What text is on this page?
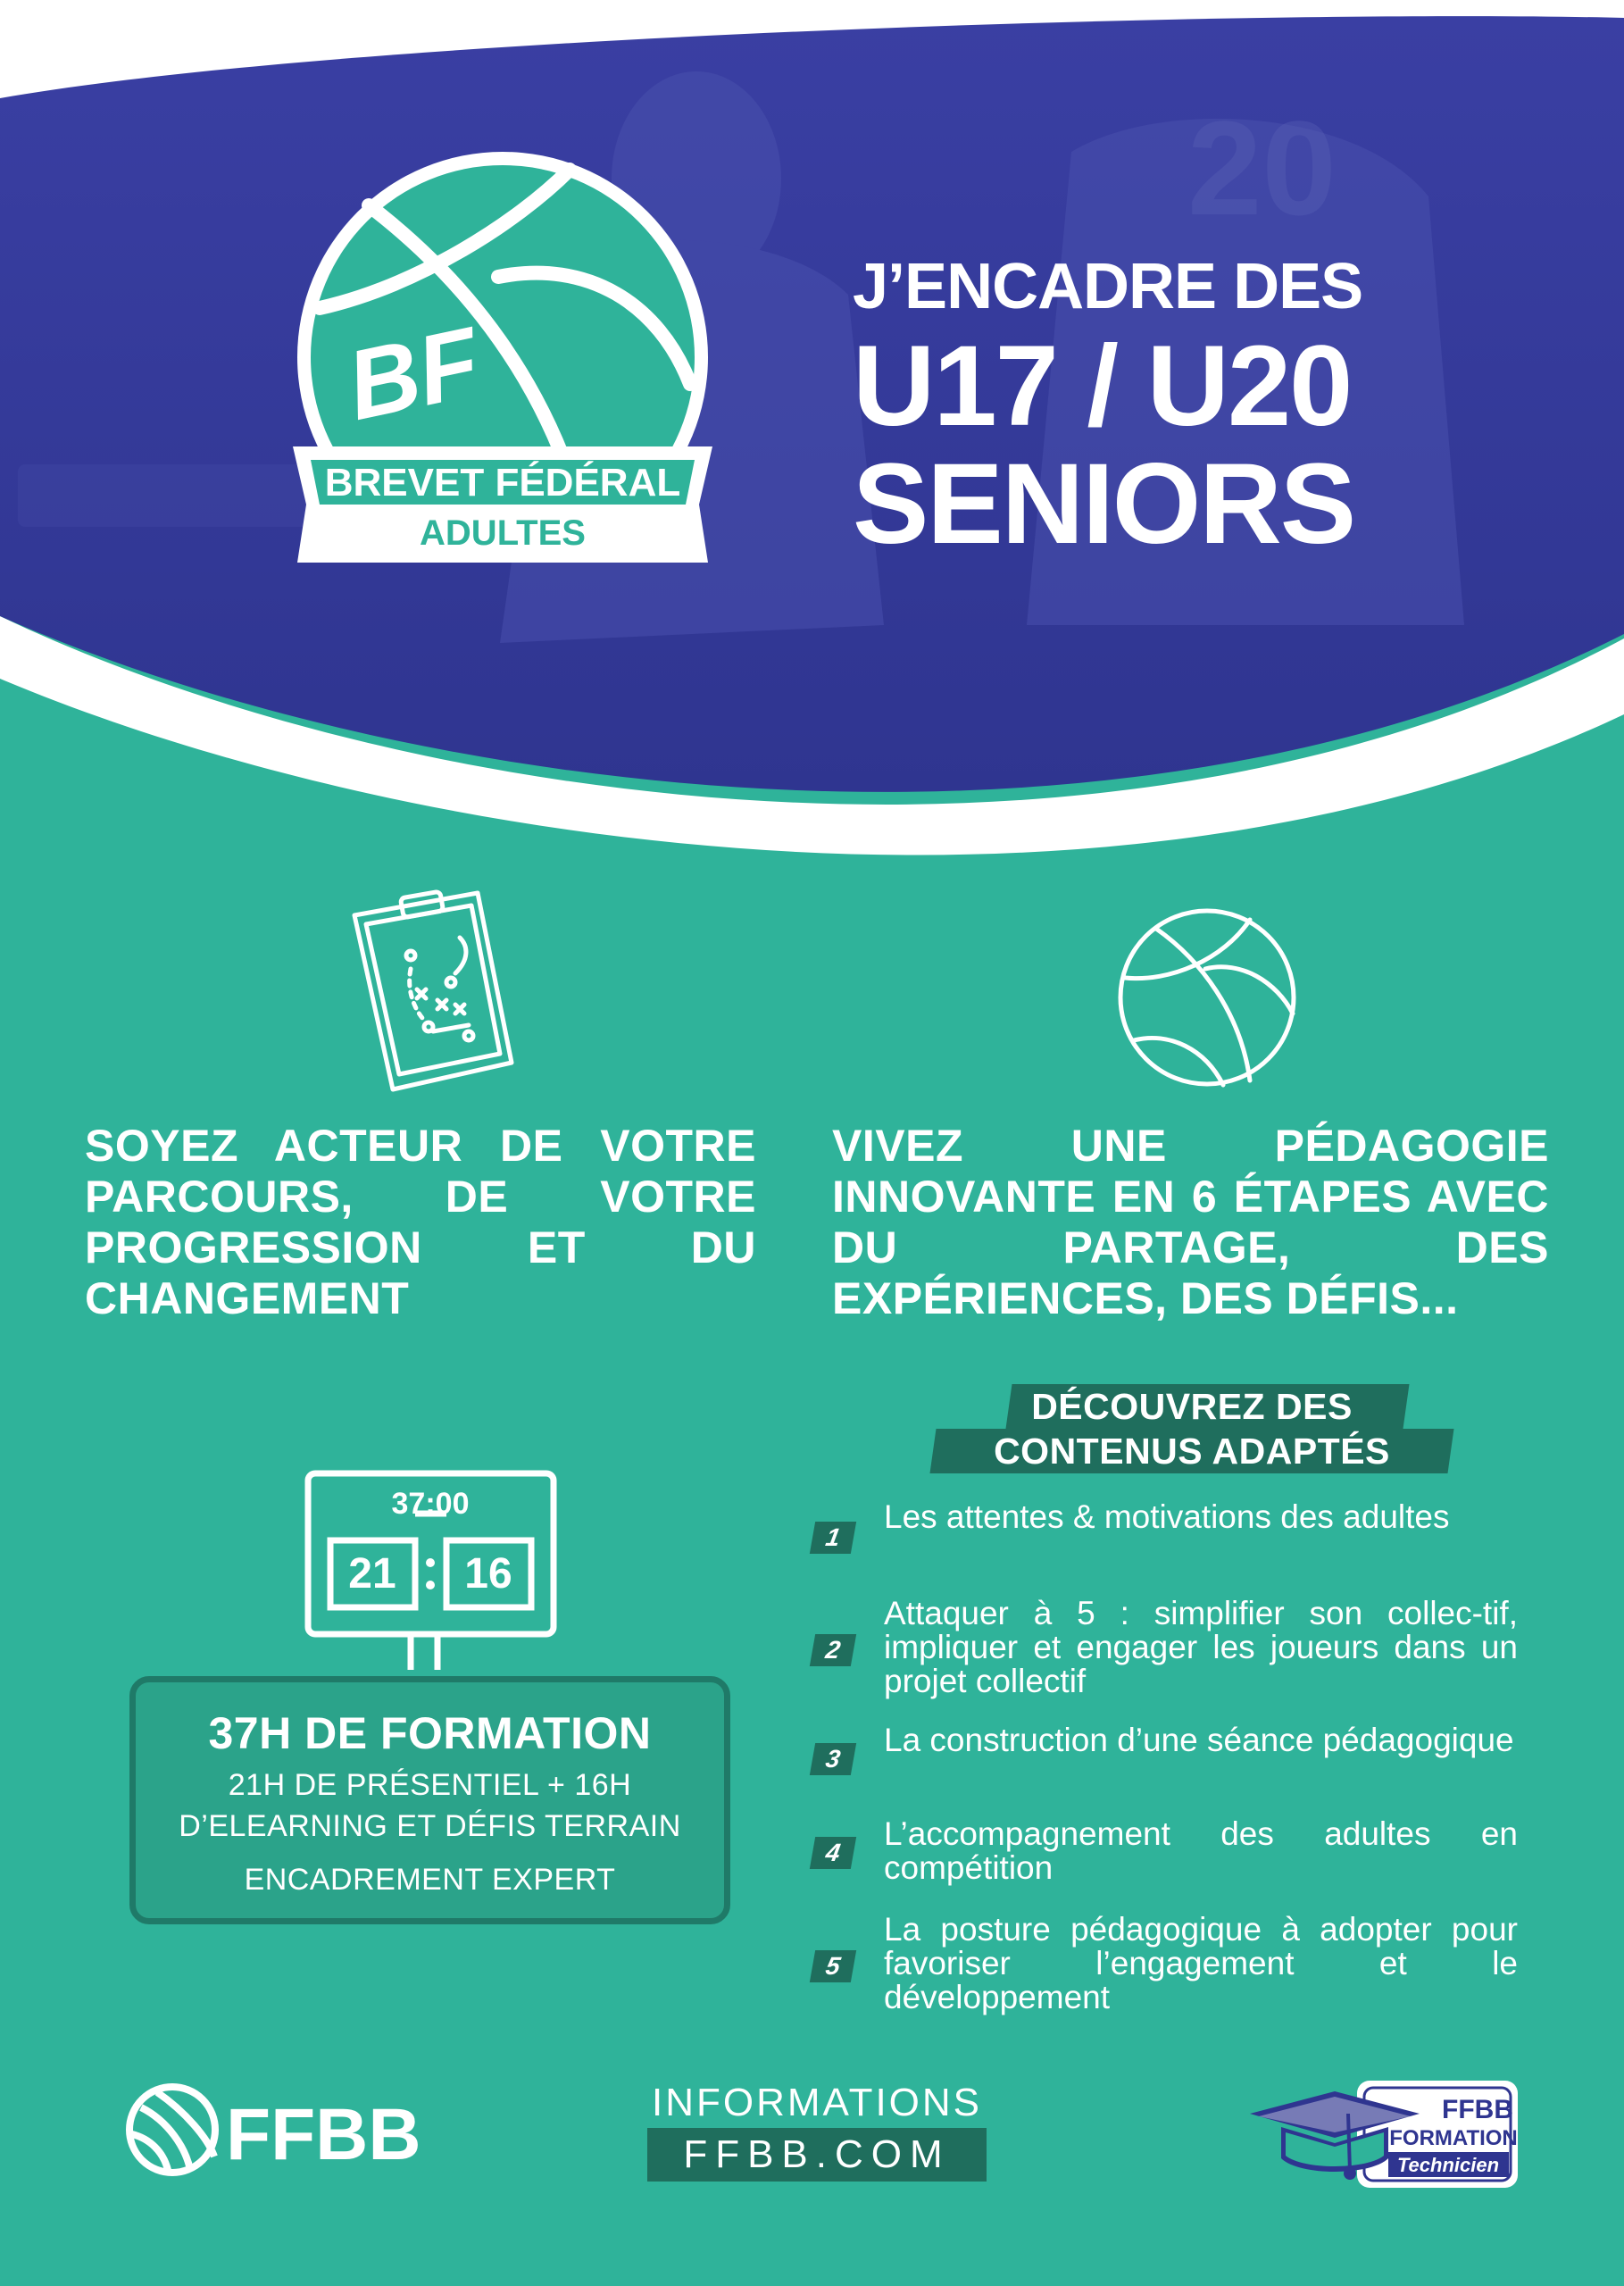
20
BF
BREVET FÉDÉRAL
ADULTES
J’ENCADRE DES
U17 / U20
SENIORS
SOYEZ ACTEUR DE VOTRE PARCOURS, DE VOTRE PROGRESSION ET DU CHANGEMENT
VIVEZ UNE PÉDAGOGIE INNOVANTE EN 6 ÉTAPES AVEC DU PARTAGE, DES EXPÉRIENCES, DES DÉFIS...
37:00
21 16
37H DE FORMATION
21H DE PRÉSENTIEL + 16H
D’ELEARNING ET DÉFIS TERRAIN
ENCADREMENT EXPERT
DÉCOUVREZ DES
CONTENUS ADAPTÉS
1
Les attentes & motivations des adultes
2
Attaquer à 5 : simplifier son collec-tif, impliquer et engager les joueurs dans un projet collectif
3
La construction d’une séance pédagogique
4
L’accompagnement des adultes en compétition
5
La posture pédagogique à adopter pour favoriser l’engagement et le développement
FFBB	INFORMATIONS
FFBB.COM
FFBB
FORMATION
Technicien
